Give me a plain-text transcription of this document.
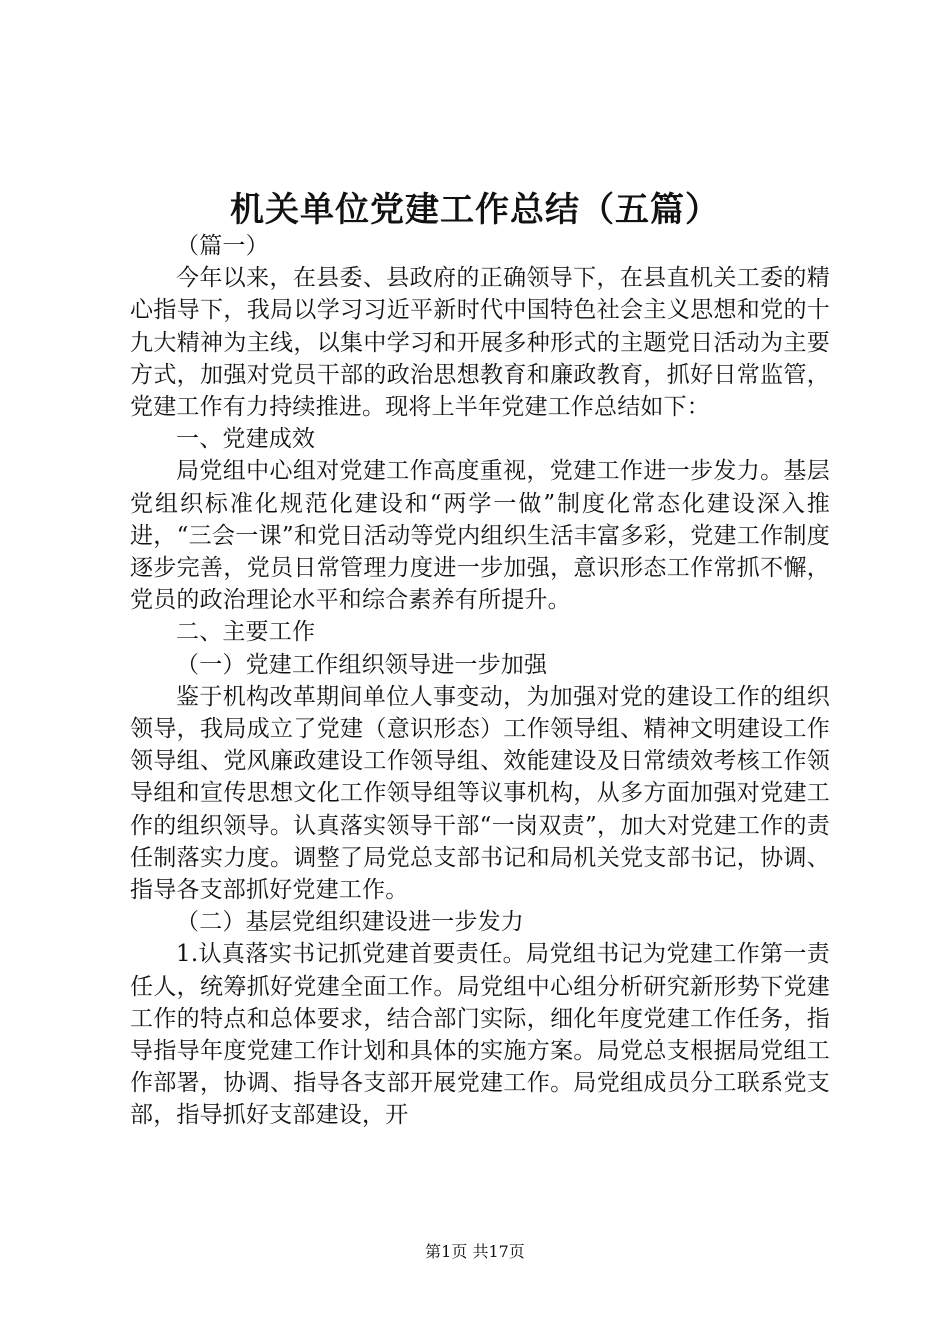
机关单位党建工作总结（五篇）

（篇一）

今年以来，在县委、县政府的正确领导下，在县直机关工委的精心指导下，我局以学习习近平新时代中国特色社会主义思想和党的十九大精神为主线，以集中学习和开展多种形式的主题党日活动为主要方式，加强对党员干部的政治思想教育和廉政教育，抓好日常监管，党建工作有力持续推进。现将上半年党建工作总结如下：

一、党建成效

局党组中心组对党建工作高度重视，党建工作进一步发力。基层党组织标准化规范化建设和“两学一做”制度化常态化建设深入推进，“三会一课”和党日活动等党内组织生活丰富多彩，党建工作制度逐步完善，党员日常管理力度进一步加强，意识形态工作常抓不懈，党员的政治理论水平和综合素养有所提升。

二、主要工作

（一）党建工作组织领导进一步加强

鉴于机构改革期间单位人事变动，为加强对党的建设工作的组织领导，我局成立了党建（意识形态）工作领导组、精神文明建设工作领导组、党风廉政建设工作领导组、效能建设及日常绩效考核工作领导组和宣传思想文化工作领导组等议事机构，从多方面加强对党建工作的组织领导。认真落实领导干部“一岗双责”，加大对党建工作的责任制落实力度。调整了局党总支部书记和局机关党支部书记，协调、指导各支部抓好党建工作。

（二）基层党组织建设进一步发力

1.认真落实书记抓党建首要责任。局党组书记为党建工作第一责任人，统筹抓好党建全面工作。局党组中心组分析研究新形势下党建工作的特点和总体要求，结合部门实际，细化年度党建工作任务，指导指导年度党建工作计划和具体的实施方案。局党总支根据局党组工作部署，协调、指导各支部开展党建工作。局党组成员分工联系党支部，指导抓好支部建设，开

第1页 共17页
